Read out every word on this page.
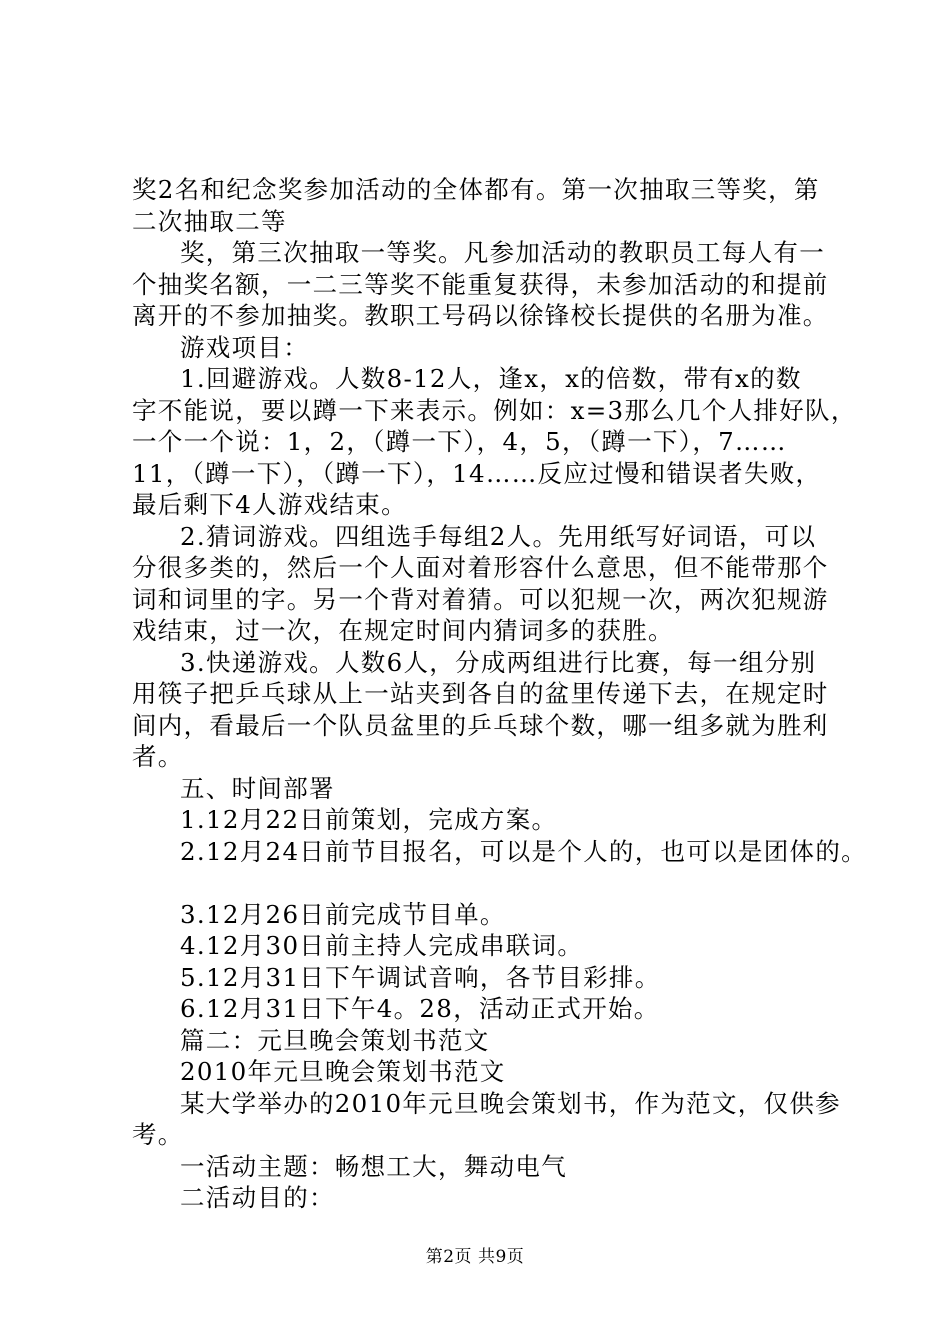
奖2名和纪念奖参加活动的全体都有。第一次抽取三等奖，第
二次抽取二等
奖，第三次抽取一等奖。凡参加活动的教职员工每人有一
个抽奖名额，一二三等奖不能重复获得，未参加活动的和提前
离开的不参加抽奖。教职工号码以徐锋校长提供的名册为准。
游戏项目：
1.回避游戏。人数8-12人，逢x，x的倍数，带有x的数
字不能说，要以蹲一下来表示。例如：x=3那么几个人排好队，
一个一个说：1，2，（蹲一下），4，5，（蹲一下），7……
11，（蹲一下），（蹲一下），14……反应过慢和错误者失败，
最后剩下4人游戏结束。
2.猜词游戏。四组选手每组2人。先用纸写好词语，可以
分很多类的，然后一个人面对着形容什么意思，但不能带那个
词和词里的字。另一个背对着猜。可以犯规一次，两次犯规游
戏结束，过一次，在规定时间内猜词多的获胜。
3.快递游戏。人数6人，分成两组进行比赛，每一组分别
用筷子把乒乓球从上一站夹到各自的盆里传递下去，在规定时
间内，看最后一个队员盆里的乒乓球个数，哪一组多就为胜利
者。
五、时间部署
1.12月22日前策划，完成方案。
2.12月24日前节目报名，可以是个人的，也可以是团体的。
3.12月26日前完成节目单。
4.12月30日前主持人完成串联词。
5.12月31日下午调试音响，各节目彩排。
6.12月31日下午4。28，活动正式开始。
篇二：元旦晚会策划书范文
2010年元旦晚会策划书范文
某大学举办的2010年元旦晚会策划书，作为范文，仅供参
考。
一活动主题：畅想工大，舞动电气
二活动目的：
第2页 共9页
